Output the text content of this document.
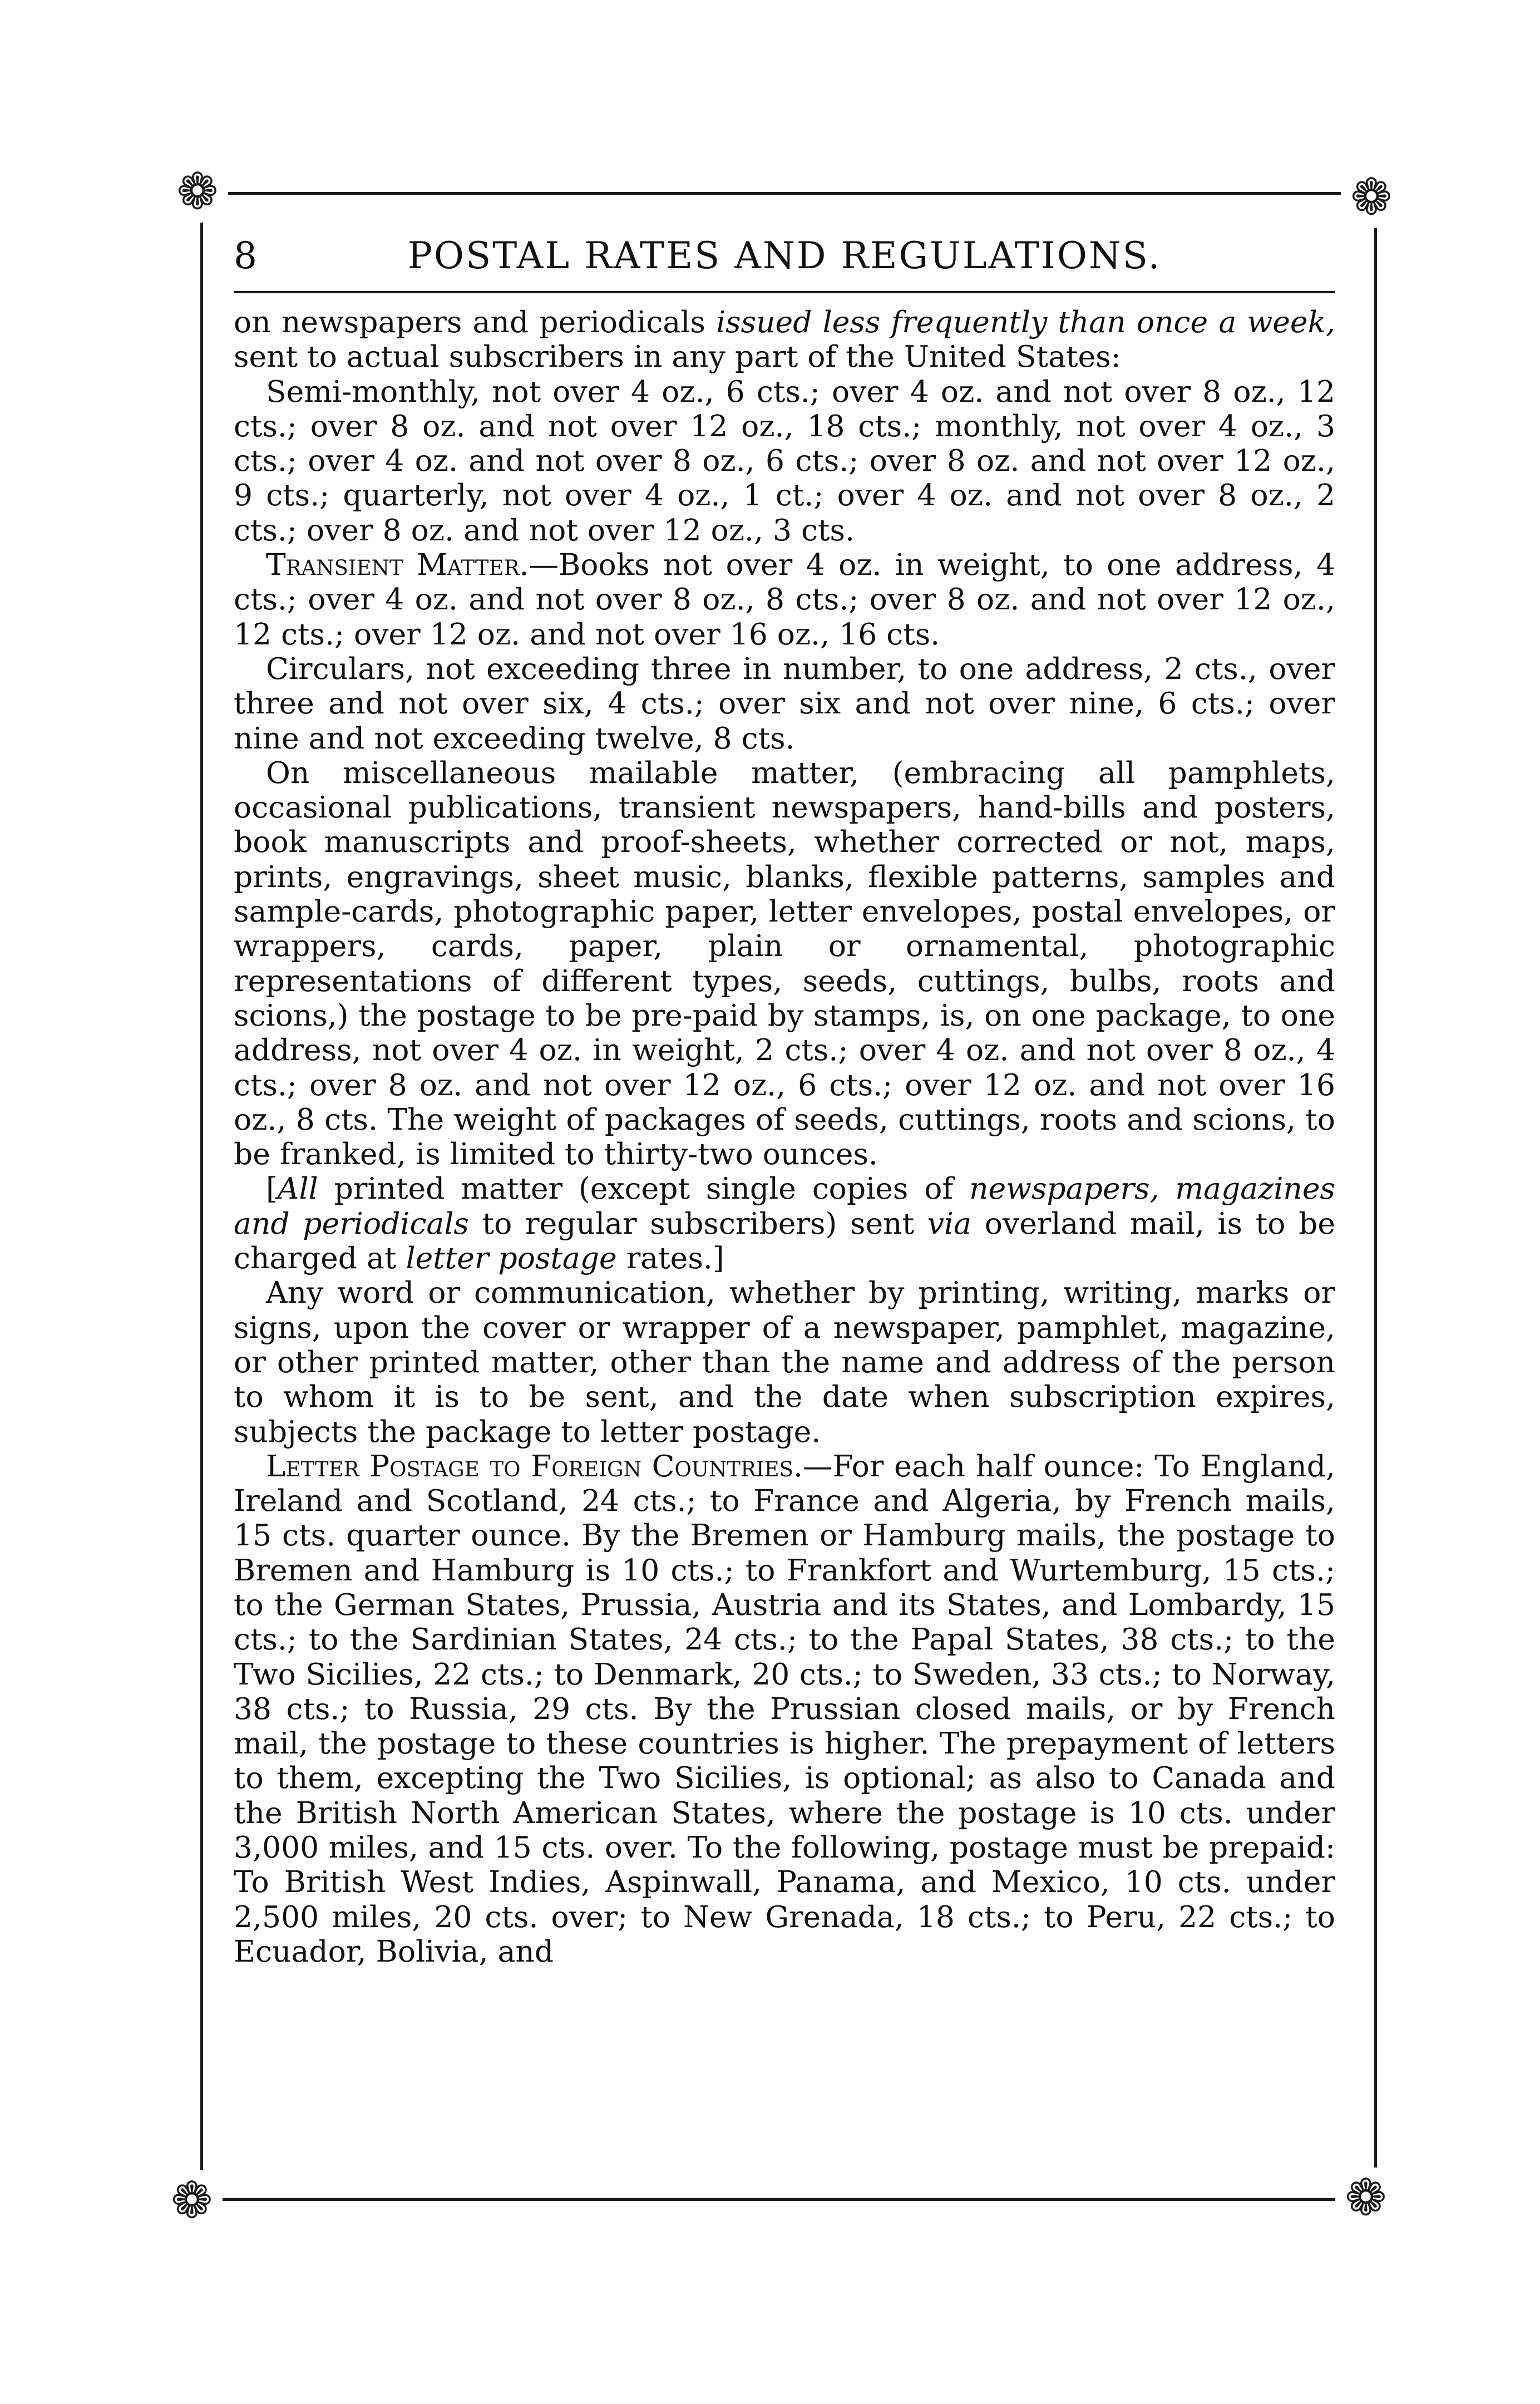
❁	❁
❁	❁
8	POSTAL RATES AND REGULATIONS.

on newspapers and periodicals issued less frequently than once a week, sent to actual subscribers in any part of the United States:

Semi-monthly, not over 4 oz., 6 cts.; over 4 oz. and not over 8 oz., 12 cts.; over 8 oz. and not over 12 oz., 18 cts.; monthly, not over 4 oz., 3 cts.; over 4 oz. and not over 8 oz., 6 cts.; over 8 oz. and not over 12 oz., 9 cts.; quarterly, not over 4 oz., 1 ct.; over 4 oz. and not over 8 oz., 2 cts.; over 8 oz. and not over 12 oz., 3 cts.

Transient Matter.—Books not over 4 oz. in weight, to one address, 4 cts.; over 4 oz. and not over 8 oz., 8 cts.; over 8 oz. and not over 12 oz., 12 cts.; over 12 oz. and not over 16 oz., 16 cts.

Circulars, not exceeding three in number, to one address, 2 cts., over three and not over six, 4 cts.; over six and not over nine, 6 cts.; over nine and not exceeding twelve, 8 cts.

On miscellaneous mailable matter, (embracing all pamphlets, occasional publications, transient newspapers, hand-bills and posters, book manuscripts and proof-sheets, whether corrected or not, maps, prints, engravings, sheet music, blanks, flexible patterns, samples and sample-cards, photographic paper, letter envelopes, postal envelopes, or wrappers, cards, paper, plain or ornamental, photographic representations of different types, seeds, cuttings, bulbs, roots and scions,) the postage to be pre-paid by stamps, is, on one package, to one address, not over 4 oz. in weight, 2 cts.; over 4 oz. and not over 8 oz., 4 cts.; over 8 oz. and not over 12 oz., 6 cts.; over 12 oz. and not over 16 oz., 8 cts. The weight of packages of seeds, cuttings, roots and scions, to be franked, is limited to thirty-two ounces.

[All printed matter (except single copies of newspapers, magazines and periodicals to regular subscribers) sent via overland mail, is to be charged at letter postage rates.]

Any word or communication, whether by printing, writing, marks or signs, upon the cover or wrapper of a newspaper, pamphlet, magazine, or other printed matter, other than the name and address of the person to whom it is to be sent, and the date when subscription expires, subjects the package to letter postage.

Letter Postage to Foreign Countries.—For each half ounce: To England, Ireland and Scotland, 24 cts.; to France and Algeria, by French mails, 15 cts. quarter ounce. By the Bremen or Hamburg mails, the postage to Bremen and Hamburg is 10 cts.; to Frankfort and Wurtemburg, 15 cts.; to the German States, Prussia, Austria and its States, and Lombardy, 15 cts.; to the Sardinian States, 24 cts.; to the Papal States, 38 cts.; to the Two Sicilies, 22 cts.; to Denmark, 20 cts.; to Sweden, 33 cts.; to Norway, 38 cts.; to Russia, 29 cts. By the Prussian closed mails, or by French mail, the postage to these countries is higher. The prepayment of letters to them, excepting the Two Sicilies, is optional; as also to Canada and the British North American States, where the postage is 10 cts. under 3,000 miles, and 15 cts. over. To the following, postage must be prepaid: To British West Indies, Aspinwall, Panama, and Mexico, 10 cts. under 2,500 miles, 20 cts. over; to New Grenada, 18 cts.; to Peru, 22 cts.; to Ecuador, Bolivia, and
